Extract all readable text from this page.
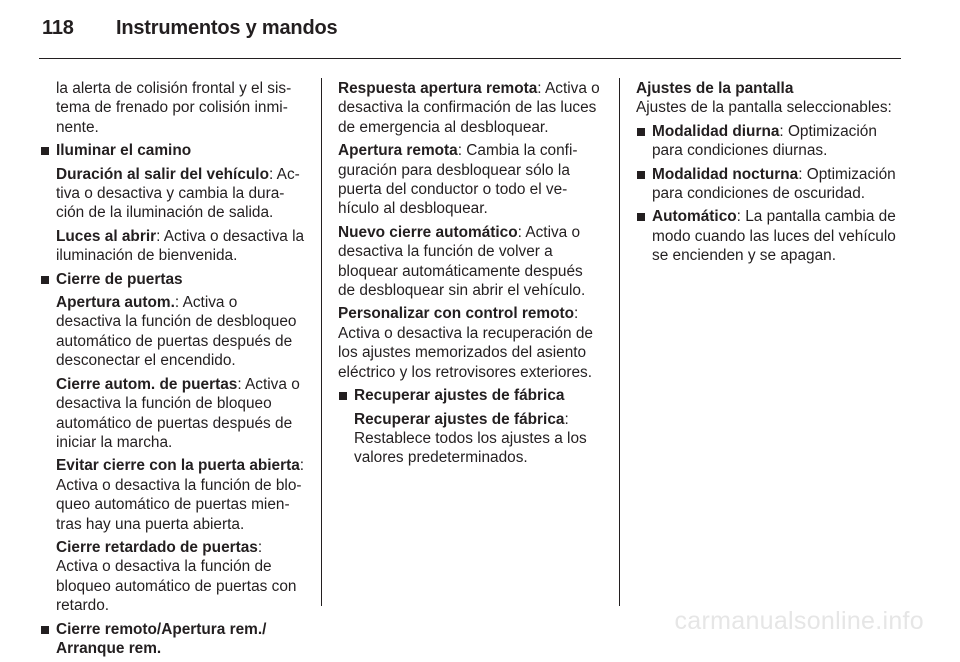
118 Instrumentos y mandos

la alerta de colisión frontal y el sistema de frenado por colisión inminente.

Iluminar el camino

Duración al salir del vehículo: Activa o desactiva y cambia la duración de la iluminación de salida.

Luces al abrir: Activa o desactiva la iluminación de bienvenida.

Cierre de puertas

Apertura autom.: Activa o desactiva la función de desbloqueo automático de puertas después de desconectar el encendido.

Cierre autom. de puertas: Activa o desactiva la función de bloqueo automático de puertas después de iniciar la marcha.

Evitar cierre con la puerta abierta: Activa o desactiva la función de bloqueo automático de puertas mientras hay una puerta abierta.

Cierre retardado de puertas: Activa o desactiva la función de bloqueo automático de puertas con retardo.

Cierre remoto/Apertura rem./ Arranque rem.

Respuesta apertura remota: Activa o desactiva la confirmación de las luces de emergencia al desbloquear.

Apertura remota: Cambia la configuración para desbloquear sólo la puerta del conductor o todo el vehículo al desbloquear.

Nuevo cierre automático: Activa o desactiva la función de volver a bloquear automáticamente después de desbloquear sin abrir el vehículo.

Personalizar con control remoto: Activa o desactiva la recuperación de los ajustes memorizados del asiento eléctrico y los retrovisores exteriores.

Recuperar ajustes de fábrica

Recuperar ajustes de fábrica: Restablece todos los ajustes a los valores predeterminados.

Ajustes de la pantalla

Ajustes de la pantalla seleccionables:

Modalidad diurna: Optimización para condiciones diurnas.

Modalidad nocturna: Optimización para condiciones de oscuridad.

Automático: La pantalla cambia de modo cuando las luces del vehículo se encienden y se apagan.

carmanualsonline.info
